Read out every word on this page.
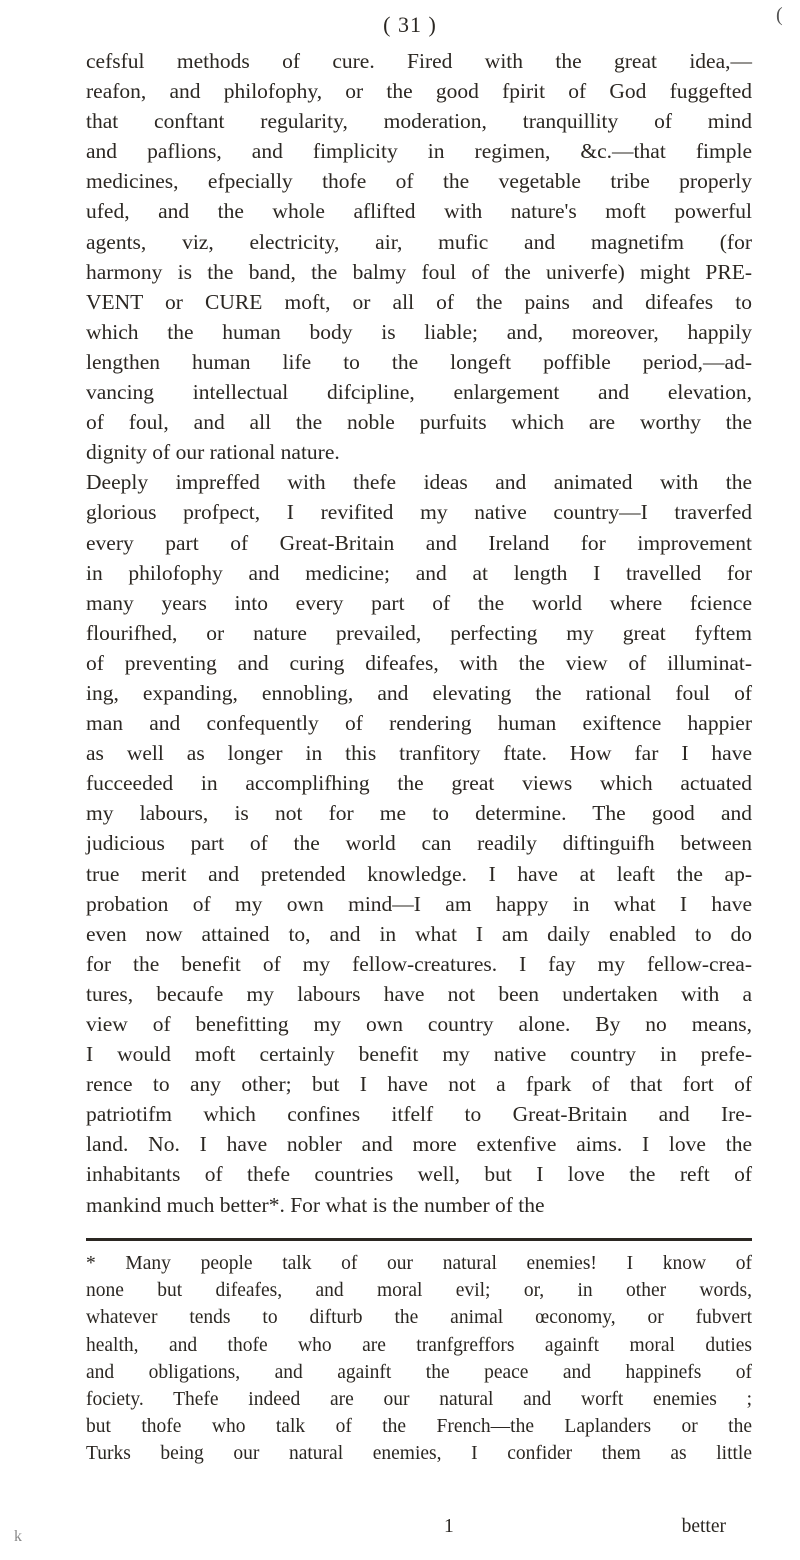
(
( 31 )
cefsful methods of cure. Fired with the great idea,—
reafon, and philofophy, or the good fpirit of God fuggefted
that conftant regularity, moderation, tranquillity of mind
and paflions, and fimplicity in regimen, &c.—that fimple
medicines, efpecially thofe of the vegetable tribe properly
ufed, and the whole aflifted with nature's moft powerful
agents, viz, electricity, air, mufic and magnetifm (for
harmony is the band, the balmy foul of the univerfe) might PRE-
VENT or CURE moft, or all of the pains and difeafes to
which the human body is liable; and, moreover, happily
lengthen human life to the longeft poffible period,—ad-
vancing intellectual difcipline, enlargement and elevation,
of foul, and all the noble purfuits which are worthy the
dignity of our rational nature.
Deeply impreffed with thefe ideas and animated with the
glorious profpect, I revifited my native country—I traverfed
every part of Great-Britain and Ireland for improvement
in philofophy and medicine; and at length I travelled for
many years into every part of the world where fcience
flourifhed, or nature prevailed, perfecting my great fyftem
of preventing and curing difeafes, with the view of illuminat-
ing, expanding, ennobling, and elevating the rational foul of
man and confequently of rendering human exiftence happier
as well as longer in this tranfitory ftate. How far I have
fucceeded in accomplifhing the great views which actuated
my labours, is not for me to determine. The good and
judicious part of the world can readily diftinguifh between
true merit and pretended knowledge. I have at leaft the ap-
probation of my own mind—I am happy in what I have
even now attained to, and in what I am daily enabled to do
for the benefit of my fellow-creatures. I fay my fellow-crea-
tures, becaufe my labours have not been undertaken with a
view of benefitting my own country alone. By no means,
I would moft certainly benefit my native country in prefe-
rence to any other; but I have not a fpark of that fort of
patriotifm which confines itfelf to Great-Britain and Ire-
land. No. I have nobler and more extenfive aims. I love the
inhabitants of thefe countries well, but I love the reft of
mankind much better*. For what is the number of the
* Many people talk of our natural enemies! I know of
none but difeafes, and moral evil; or, in other words,
whatever tends to difturb the animal œconomy, or fubvert
health, and thofe who are tranfgreffors againft moral duties
and obligations, and againft the peace and happinefs of
fociety. Thefe indeed are our natural and worft enemies ;
but thofe who talk of the French—the Laplanders or the
Turks being our natural enemies, I confider them as little
1	better
k
